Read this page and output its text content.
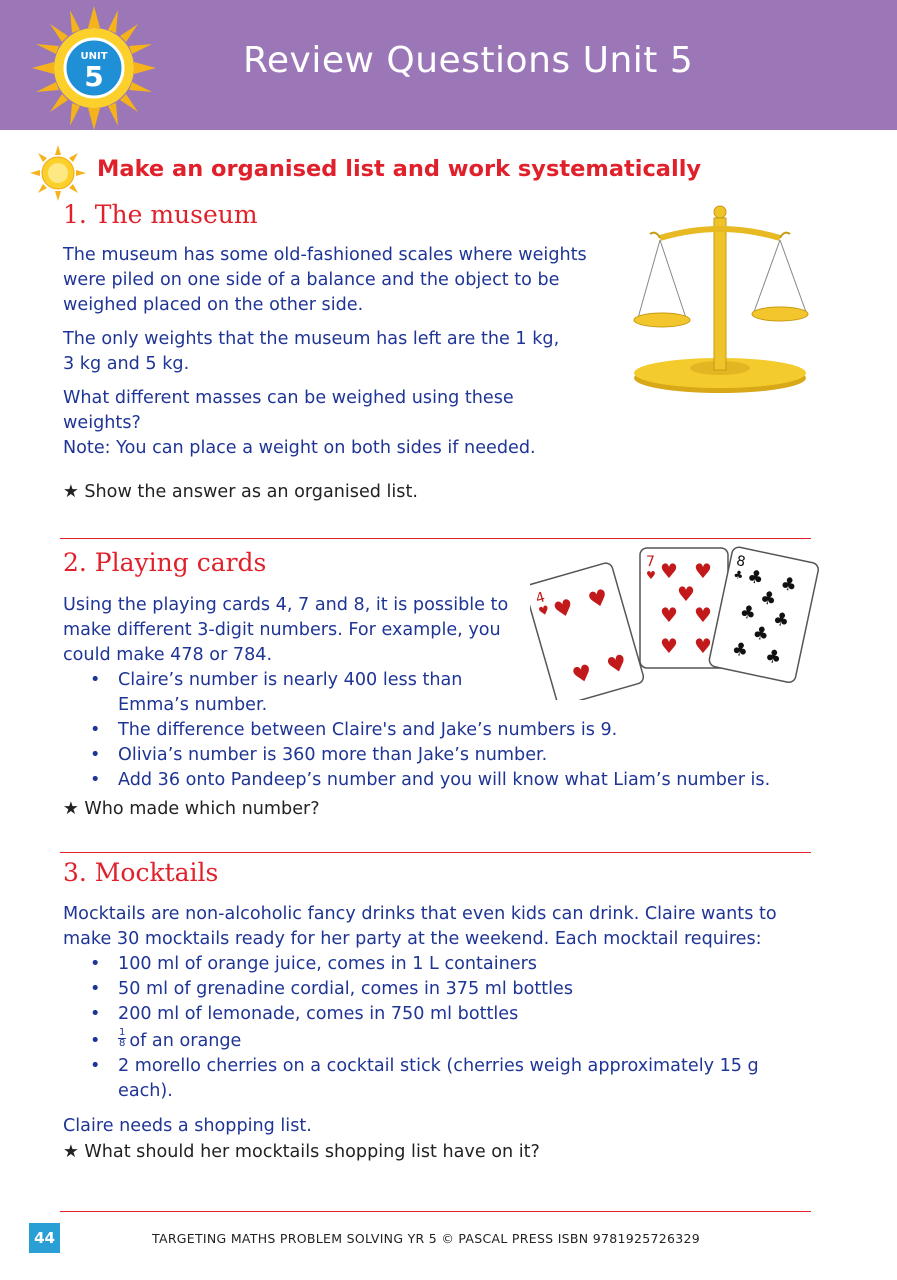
UNIT
5	Review Questions Unit 5
Make an organised list and work systematically
1. The museum

The museum has some old-fashioned scales where weights were piled on one side of a balance and the object to be weighed placed on the other side.

The only weights that the museum has left are the 1 kg, 3 kg and 5 kg.

What different masses can be weighed using these weights?

Note: You can place a weight on both sides if needed.

★ Show the answer as an organised list.
2. Playing cards
Using the playing cards 4, 7 and 8, it is possible to make different 3-digit numbers. For example, you could make 478 or 784.
• Claire’s number is nearly 400 less than Emma’s number.
• The difference between Claire's and Jake’s numbers is 9.
• Olivia’s number is 360 more than Jake’s number.
• Add 36 onto Pandeep’s number and you will know what Liam’s number is.
★ Who made which number?
4
♥ ♥ ♥
♥ ♥
7
♥ ♥ ♥
♥
♥ ♥
♥ ♥
8
♣ ♣ ♣
♣
♣ ♣
♣
♣ ♣
3. Mocktails

Mocktails are non-alcoholic fancy drinks that even kids can drink. Claire wants to make 30 mocktails ready for her party at the weekend. Each mocktail requires:

• 100 ml of orange juice, comes in 1 L containers
• 50 ml of grenadine cordial, comes in 375 ml bottles
• 200 ml of lemonade, comes in 750 ml bottles
• $\frac{1}{8}$ of an orange
• 2 morello cherries on a cocktail stick (cherries weigh approximately 15 g each).

Claire needs a shopping list.

★ What should her mocktails shopping list have on it?
44	TARGETING MATHS PROBLEM SOLVING YR 5 © PASCAL PRESS ISBN 9781925726329
